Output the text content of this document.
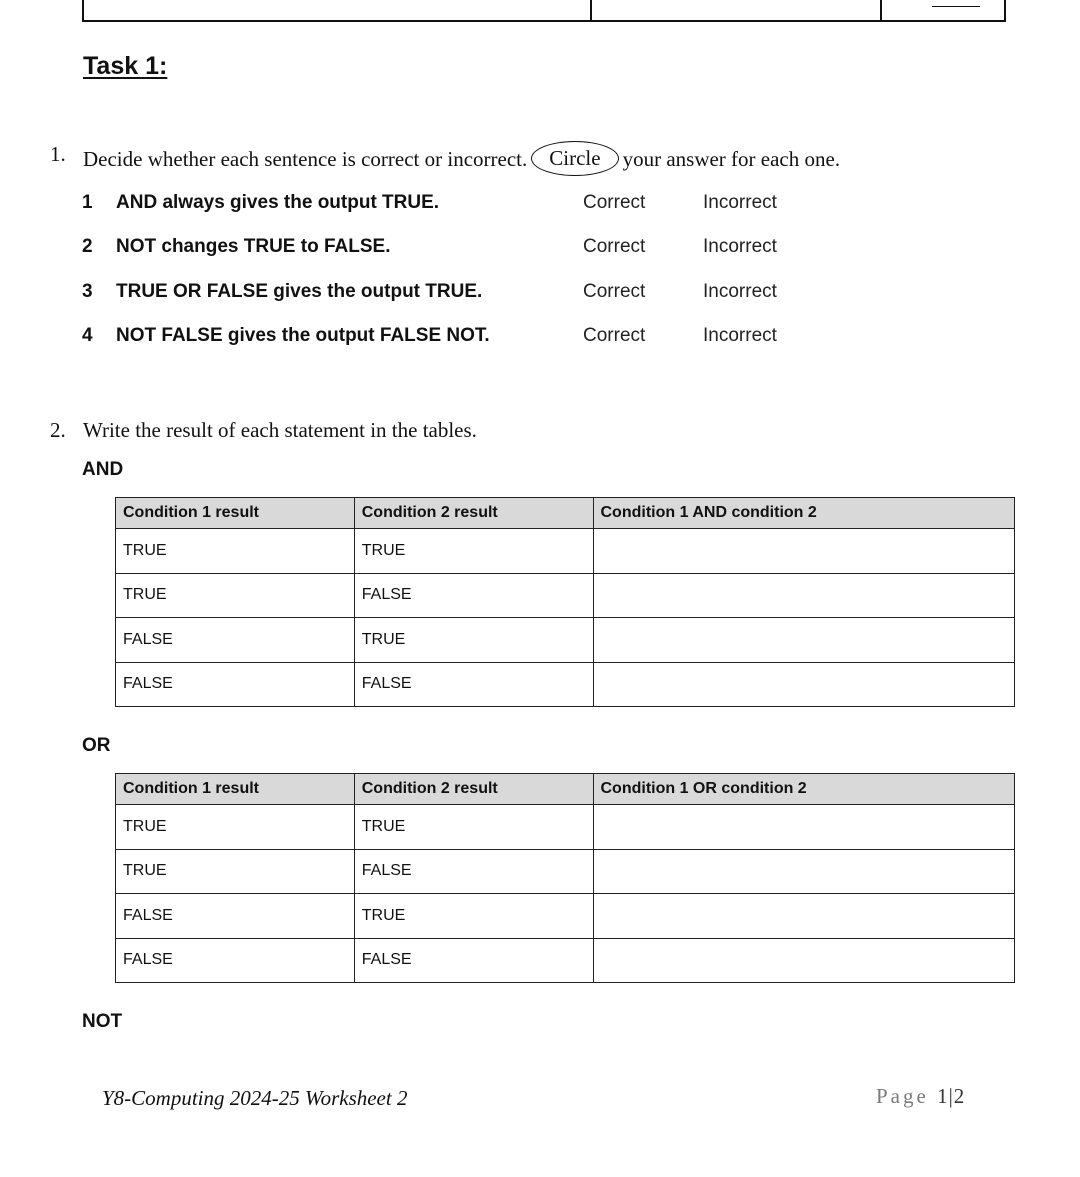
Task 1:
1. Decide whether each sentence is correct or incorrect. Circle your answer for each one.
1 AND always gives the output TRUE.	Correct	Incorrect
2 NOT changes TRUE to FALSE.	Correct	Incorrect
3 TRUE OR FALSE gives the output TRUE.	Correct	Incorrect
4 NOT FALSE gives the output FALSE NOT.	Correct	Incorrect
2. Write the result of each statement in the tables.
AND
Condition 1 result	Condition 2 result	Condition 1 AND condition 2
TRUE	TRUE	
TRUE	FALSE	
FALSE	TRUE	
FALSE	FALSE	
OR
Condition 1 result	Condition 2 result	Condition 1 OR condition 2
TRUE	TRUE	
TRUE	FALSE	
FALSE	TRUE	
FALSE	FALSE	
NOT
Y8-Computing 2024-25 Worksheet 2	Page 1|2
